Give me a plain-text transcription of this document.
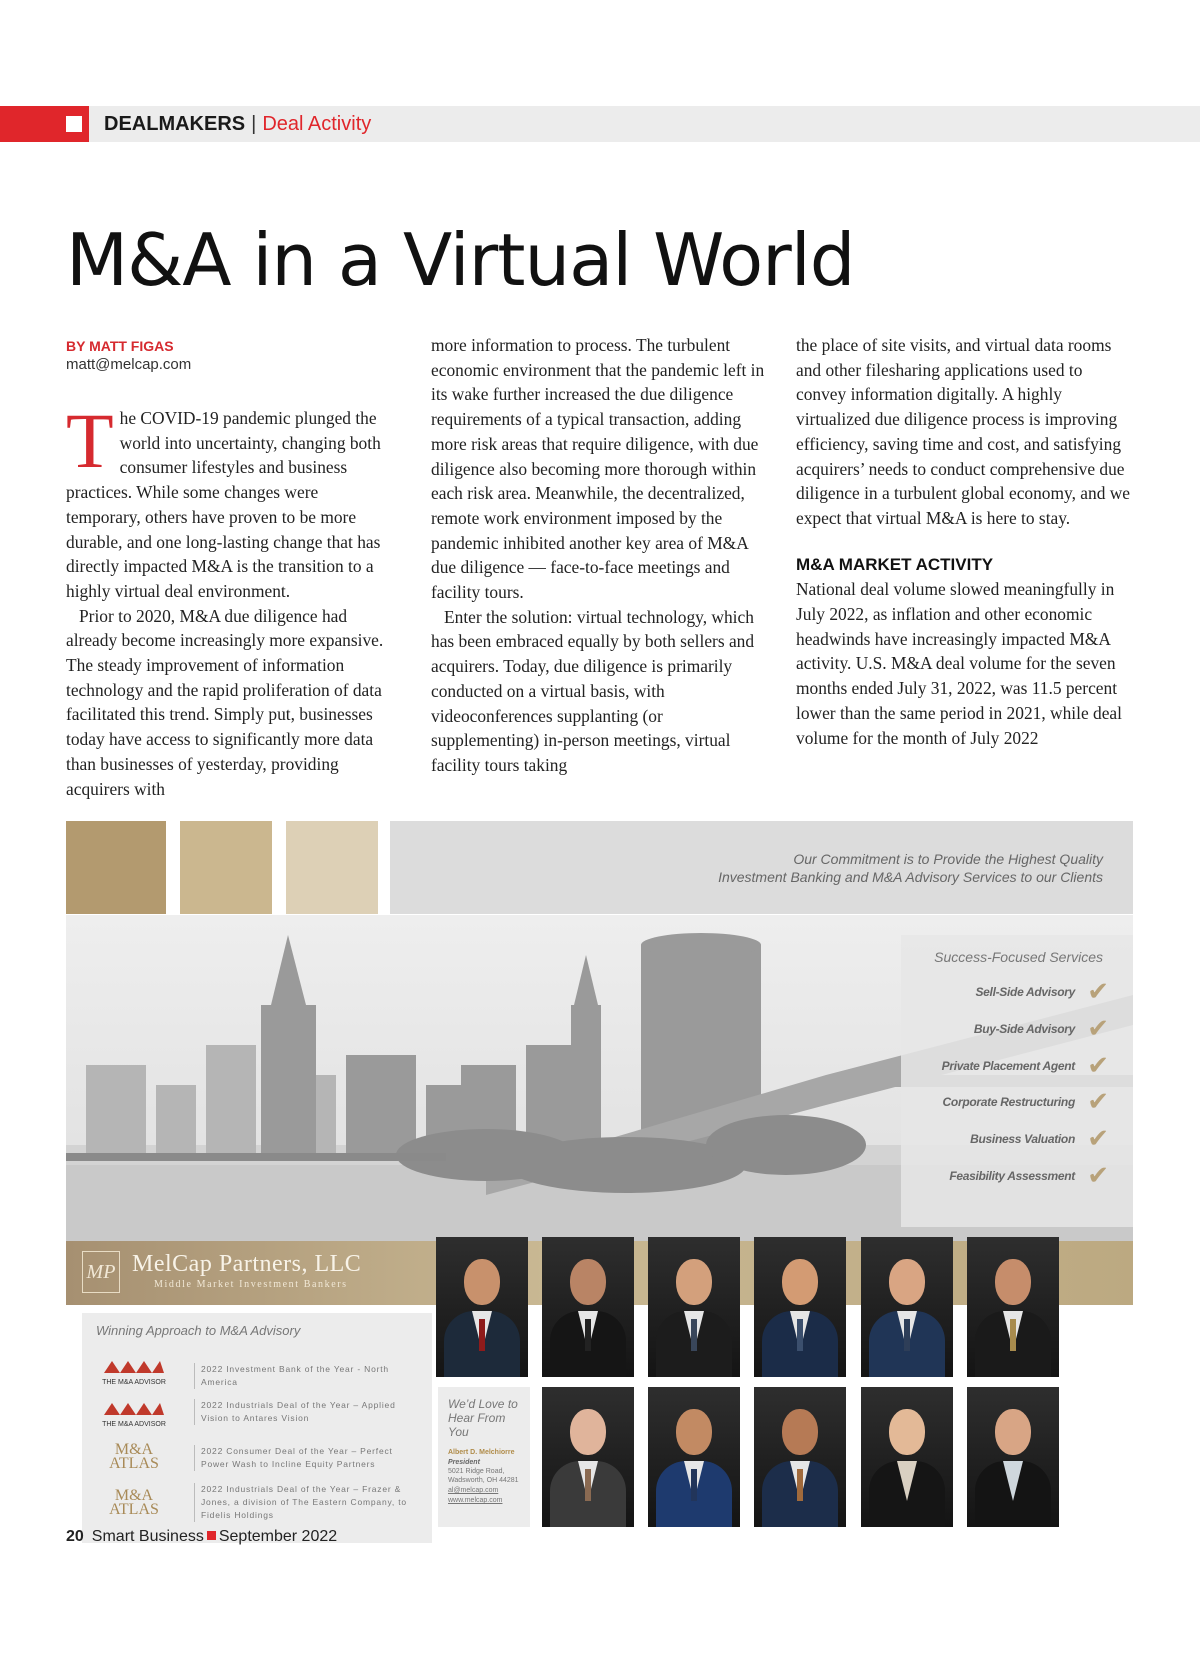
DEALMAKERS | Deal Activity
M&A in a Virtual World
BY MATT FIGAS
matt@melcap.com

The COVID-19 pandemic plunged the world into uncertainty, changing both consumer lifestyles and business practices. While some changes were temporary, others have proven to be more durable, and one long-lasting change that has directly impacted M&A is the transition to a highly virtual deal environment.

Prior to 2020, M&A due diligence had already become increasingly more expansive. The steady improvement of information technology and the rapid proliferation of data facilitated this trend. Simply put, businesses today have access to significantly more data than businesses of yesterday, providing acquirers with

more information to process. The turbulent economic environment that the pandemic left in its wake further increased the due diligence requirements of a typical transaction, adding more risk areas that require diligence, with due diligence also becoming more thorough within each risk area. Meanwhile, the decentralized, remote work environment imposed by the pandemic inhibited another key area of M&A due diligence — face-to-face meetings and facility tours.

Enter the solution: virtual technology, which has been embraced equally by both sellers and acquirers. Today, due diligence is primarily conducted on a virtual basis, with videoconferences supplanting (or supplementing) in-person meetings, virtual facility tours taking

the place of site visits, and virtual data rooms and other filesharing applications used to convey information digitally. A highly virtualized due diligence process is improving efficiency, saving time and cost, and satisfying acquirers’ needs to conduct comprehensive due diligence in a turbulent global economy, and we expect that virtual M&A is here to stay.

M&A MARKET ACTIVITY

National deal volume slowed meaningfully in July 2022, as inflation and other economic headwinds have increasingly impacted M&A activity. U.S. M&A deal volume for the seven months ended July 31, 2022, was 11.5 percent lower than the same period in 2021, while deal volume for the month of July 2022

Our Commitment is to Provide the Highest Quality
Investment Banking and M&A Advisory Services to our Clients
Success-Focused Services
Sell-Side Advisory ✔
Buy-Side Advisory ✔
Private Placement Agent ✔
Corporate Restructuring ✔
Business Valuation ✔
Feasibility Assessment ✔
MP MelCap Partners, LLC
Middle Market Investment Bankers
Winning Approach to M&A Advisory
THE M&A ADVISOR
2022 Investment Bank of the Year - North America
THE M&A ADVISOR
2022 Industrials Deal of the Year – Applied Vision to Antares Vision
M&A
ATLAS
2022 Consumer Deal of the Year – Perfect Power Wash to Incline Equity Partners
M&A
ATLAS
2022 Industrials Deal of the Year – Frazer & Jones, a division of The Eastern Company, to Fidelis Holdings
We’d Love to Hear From You
Albert D. Melchiorre
President
5021 Ridge Road,
Wadsworth, OH 44281
al@melcap.com
www.melcap.com
20 Smart Business September 2022
